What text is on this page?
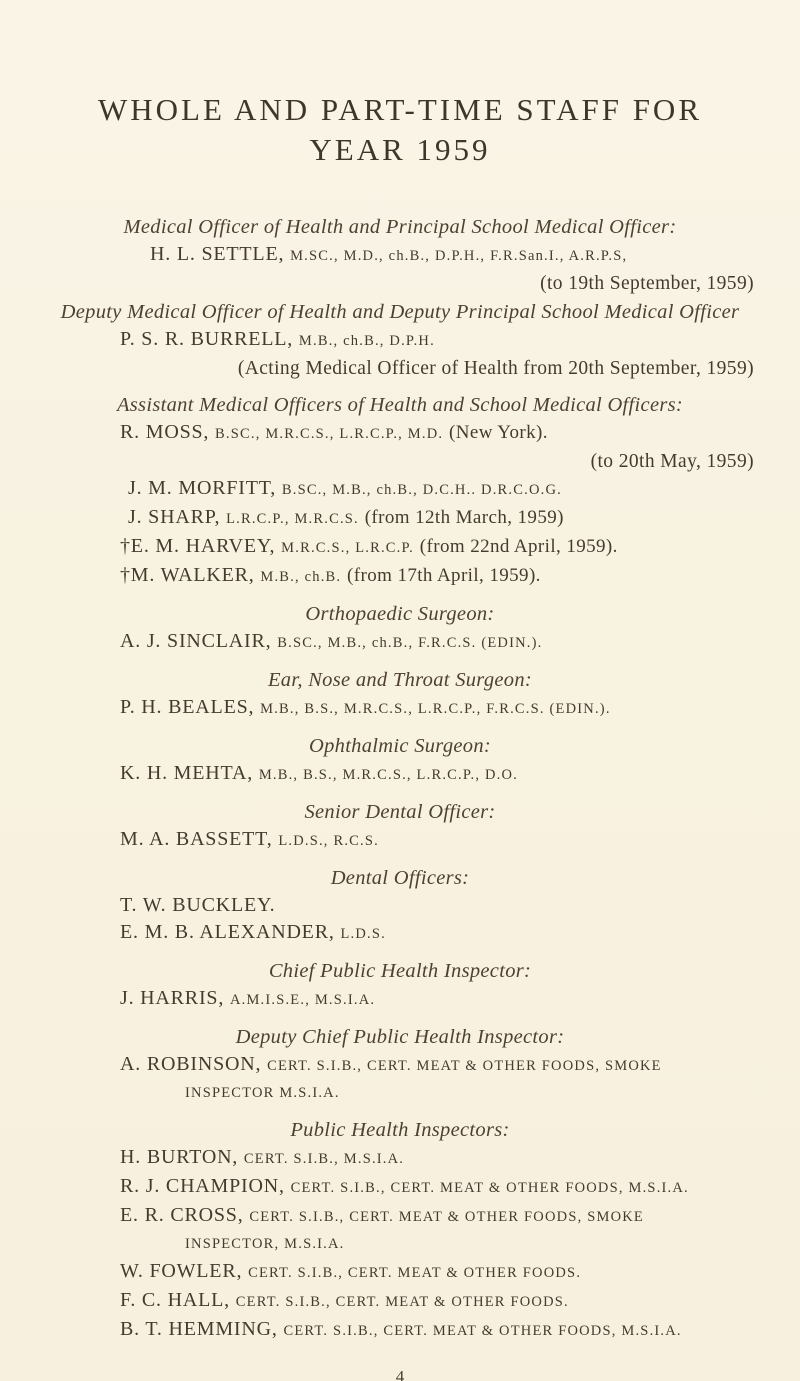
WHOLE AND PART-TIME STAFF FOR
YEAR 1959
Medical Officer of Health and Principal School Medical Officer:
H. L. SETTLE, M.SC., M.D., ch.B., D.P.H., F.R.San.I., A.R.P.S,
(to 19th September, 1959)
Deputy Medical Officer of Health and Deputy Principal School Medical Officer
P. S. R. BURRELL, M.B., ch.B., D.P.H.
(Acting Medical Officer of Health from 20th September, 1959)
Assistant Medical Officers of Health and School Medical Officers:
R. MOSS, B.SC., M.R.C.S., L.R.C.P., M.D. (New York).
(to 20th May, 1959)
J. M. MORFITT, B.SC., M.B., ch.B., D.C.H.. D.R.C.O.G.
J. SHARP, L.R.C.P., M.R.C.S. (from 12th March, 1959)
†E. M. HARVEY, M.R.C.S., L.R.C.P. (from 22nd April, 1959).
†M. WALKER, M.B., ch.B. (from 17th April, 1959).
Orthopaedic Surgeon:
A. J. SINCLAIR, B.SC., M.B., ch.B., F.R.C.S. (EDIN.).
Ear, Nose and Throat Surgeon:
P. H. BEALES, M.B., B.S., M.R.C.S., L.R.C.P., F.R.C.S. (EDIN.).
Ophthalmic Surgeon:
K. H. MEHTA, M.B., B.S., M.R.C.S., L.R.C.P., D.O.
Senior Dental Officer:
M. A. BASSETT, L.D.S., R.C.S.
Dental Officers:
T. W. BUCKLEY.
E. M. B. ALEXANDER, L.D.S.
Chief Public Health Inspector:
J. HARRIS, A.M.I.S.E., M.S.I.A.
Deputy Chief Public Health Inspector:
A. ROBINSON, CERT. S.I.B., CERT. MEAT & OTHER FOODS, SMOKE
INSPECTOR M.S.I.A.
Public Health Inspectors:
H. BURTON, CERT. S.I.B., M.S.I.A.
R. J. CHAMPION, CERT. S.I.B., CERT. MEAT & OTHER FOODS, M.S.I.A.
E. R. CROSS, CERT. S.I.B., CERT. MEAT & OTHER FOODS, SMOKE
INSPECTOR, M.S.I.A.
W. FOWLER, CERT. S.I.B., CERT. MEAT & OTHER FOODS.
F. C. HALL, CERT. S.I.B., CERT. MEAT & OTHER FOODS.
B. T. HEMMING, CERT. S.I.B., CERT. MEAT & OTHER FOODS, M.S.I.A.
4
